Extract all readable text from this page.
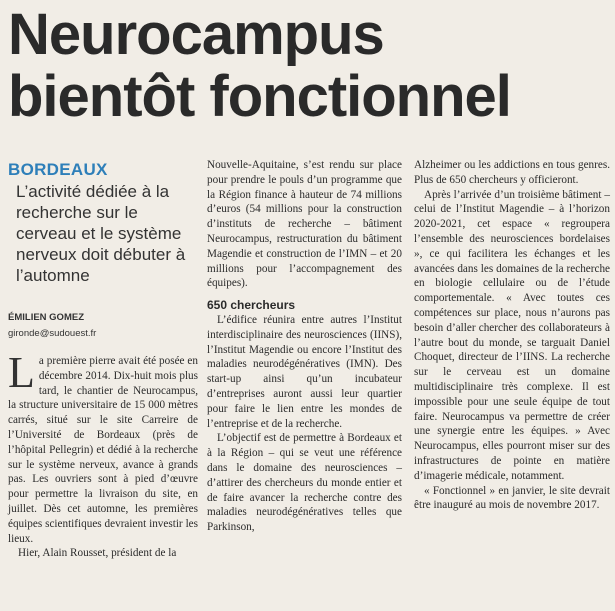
Neurocampus
bientôt fonctionnel
BORDEAUX
L’activité dédiée à la recherche sur le cerveau et le système nerveux doit débuter à l’automne
ÉMILIEN GOMEZ
gironde@sudouest.fr

La première pierre avait été posée en décembre 2014. Dix-huit mois plus tard, le chantier de Neurocampus, la structure universitaire de 15 000 mètres carrés, situé sur le site Carreire de l’Université de Bordeaux (près de l’hôpital Pellegrin) et dédié à la recherche sur le système nerveux, avance à grands pas. Les ouvriers sont à pied d’œuvre pour permettre la livraison du site, en juillet. Dès cet automne, les premières équipes scientifiques devraient investir les lieux.

Hier, Alain Rousset, président de la

Nouvelle-Aquitaine, s’est rendu sur place pour prendre le pouls d’un programme que la Région finance à hauteur de 74 millions d’euros (54 millions pour la construction d’instituts de recherche – bâtiment Neurocampus, restructuration du bâtiment Magendie et construction de l’IMN – et 20 millions pour l’accompagnement des équipes).

650 chercheurs

L’édifice réunira entre autres l’Institut interdisciplinaire des neurosciences (IINS), l’Institut Magendie ou encore l’Institut des maladies neurodégénératives (IMN). Des start-up ainsi qu’un incubateur d’entreprises auront aussi leur quartier pour faire le lien entre les mondes de l’entreprise et de la recherche.

L’objectif est de permettre à Bordeaux et à la Région – qui se veut une référence dans le domaine des neurosciences – d’attirer des chercheurs du monde entier et de faire avancer la recherche contre des maladies neurodégénératives telles que Parkinson,

Alzheimer ou les addictions en tous genres. Plus de 650 chercheurs y officieront.

Après l’arrivée d’un troisième bâtiment – celui de l’Institut Magendie – à l’horizon 2020-2021, cet espace « regroupera l’ensemble des neurosciences bordelaises », ce qui facilitera les échanges et les avancées dans les domaines de la recherche en biologie cellulaire ou de l’étude comportementale. « Avec toutes ces compétences sur place, nous n’aurons pas besoin d’aller chercher des collaborateurs à l’autre bout du monde, se targuait Daniel Choquet, directeur de l’IINS. La recherche sur le cerveau est un domaine multidisciplinaire très complexe. Il est impossible pour une seule équipe de tout faire. Neurocampus va permettre de créer une synergie entre les équipes. » Avec Neurocampus, elles pourront miser sur des infrastructures de pointe en matière d’imagerie médicale, notamment.

« Fonctionnel » en janvier, le site devrait être inauguré au mois de novembre 2017.
